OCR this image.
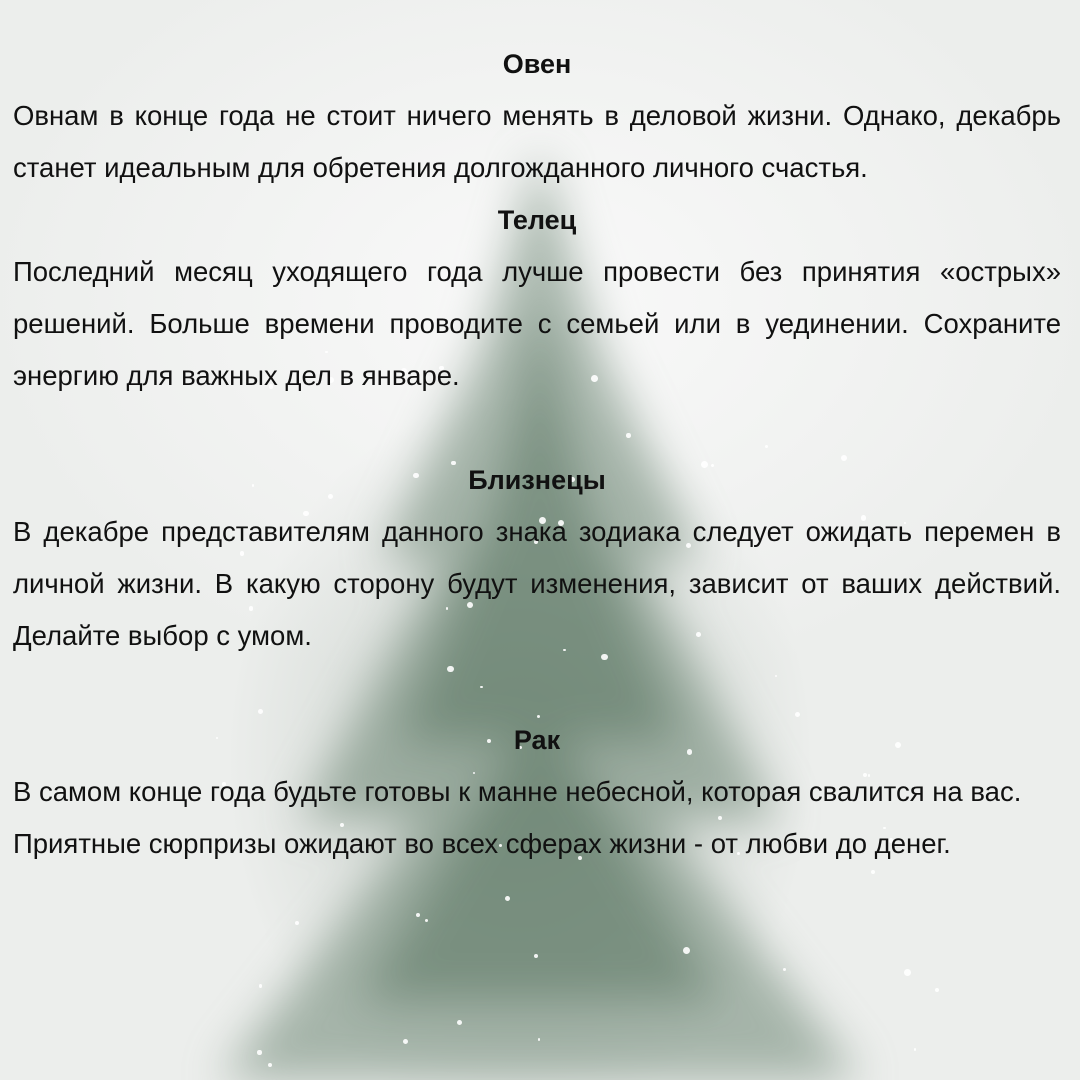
Овен

Овнам в конце года не стоит ничего менять в деловой жизни. Однако, декабрь станет идеальным для обретения долгожданного личного счастья.

Телец

Последний месяц уходящего года лучше провести без принятия «острых» решений. Больше времени проводите с семьей или в уединении. Сохраните энергию для важных дел в январе.

Близнецы

В декабре представителям данного знака зодиака следует ожидать перемен в личной жизни. В какую сторону будут изменения, зависит от ваших действий. Делайте выбор с умом.

Рак

В самом конце года будьте готовы к манне небесной, которая свалится на вас. Приятные сюрпризы ожидают во всех сферах жизни - от любви до денег.
